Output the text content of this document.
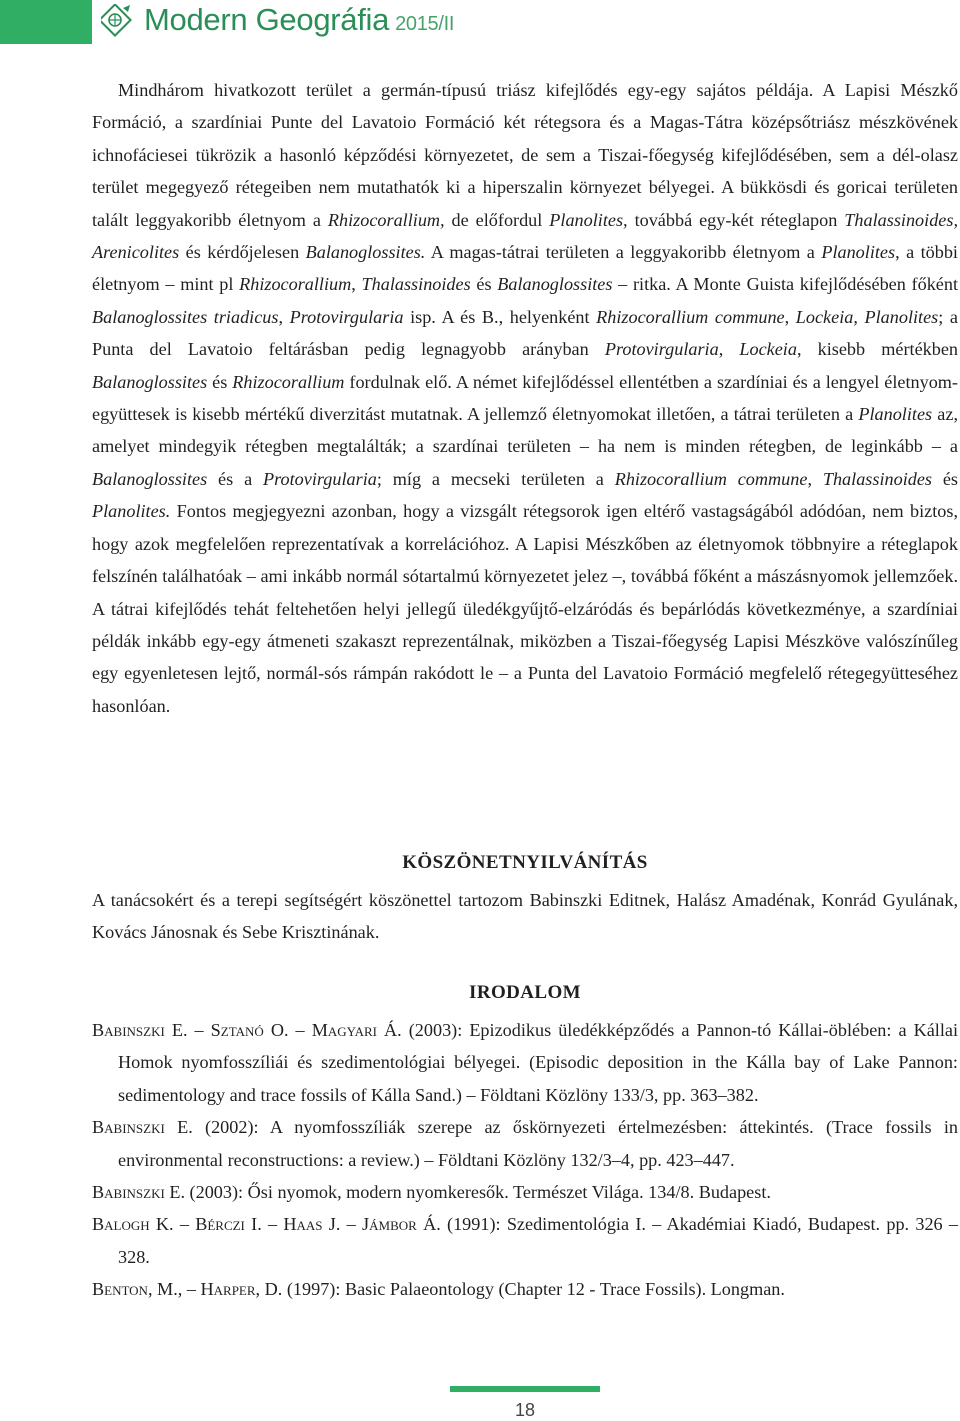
Modern Geográfia 2015/II
Mindhárom hivatkozott terület a germán-típusú triász kifejlődés egy-egy sajátos példája. A Lapisi Mészkő Formáció, a szardíniai Punte del Lavatoio Formáció két rétegsora és a Magas-Tátra középsőtriász mészkövének ichnofáciesei tükrözik a hasonló képződési környezetet, de sem a Tiszai-főegység kifejlődésében, sem a dél-olasz terület megegyező rétegeiben nem mutathatók ki a hiperszalin környezet bélyegei. A bükkösdi és goricai területen talált leggyakoribb életnyom a Rhizocorallium, de előfordul Planolites, továbbá egy-két réteglapon Thalassinoides, Arenicolites és kérdőjelesen Balanoglossites. A magas-tátrai területen a leggyakoribb életnyom a Planolites, a többi életnyom – mint pl Rhizocorallium, Thalassinoides és Balanoglossites – ritka. A Monte Guista kifejlődésében főként Balanoglossites triadicus, Protovirgularia isp. A és B., helyenként Rhizocorallium commune, Lockeia, Planolites; a Punta del Lavatoio feltárásban pedig legnagyobb arányban Protovirgularia, Lockeia, kisebb mértékben Balanoglossites és Rhizocorallium fordulnak elő. A német kifejlődéssel ellentétben a szardíniai és a lengyel életnyom-együttesek is kisebb mértékű diverzitást mutatnak. A jellemző életnyomokat illetően, a tátrai területen a Planolites az, amelyet mindegyik rétegben megtalálták; a szardínai területen – ha nem is minden rétegben, de leginkább – a Balanoglossites és a Protovirgularia; míg a mecseki területen a Rhizocorallium commune, Thalassinoides és Planolites. Fontos megjegyezni azonban, hogy a vizsgált rétegsorok igen eltérő vastagságából adódóan, nem biztos, hogy azok megfelelően reprezentatívak a korrelációhoz. A Lapisi Mészkőben az életnyomok többnyire a réteglapok felszínén találhatóak – ami inkább normál sótartalmú környezetet jelez –, továbbá főként a mászásnyomok jellemzőek. A tátrai kifejlődés tehát feltehetően helyi jellegű üledékgyűjtő-elzáródás és bepárlódás következménye, a szardíniai példák inkább egy-egy átmeneti szakaszt reprezentálnak, miközben a Tiszai-főegység Lapisi Mészköve valószínűleg egy egyenletesen lejtő, normál-sós rámpán rakódott le – a Punta del Lavatoio Formáció megfelelő rétegegyütteséhez hasonlóan.
KÖSZÖNETNYILVÁNÍTÁS
A tanácsokért és a terepi segítségért köszönettel tartozom Babinszki Editnek, Halász Amadénak, Konrád Gyulának, Kovács Jánosnak és Sebe Krisztinának.
IRODALOM
Babinszki E. – Sztanó O. – Magyari Á. (2003): Epizodikus üledékképződés a Pannon-tó Kállai-öblében: a Kállai Homok nyomfosszíliái és szedimentológiai bélyegei. (Episodic deposition in the Kálla bay of Lake Pannon: sedimentology and trace fossils of Kálla Sand.) – Földtani Közlöny 133/3, pp. 363–382.
Babinszki E. (2002): A nyomfosszíliák szerepe az őskörnyezeti értelmezésben: áttekintés. (Trace fossils in environmental reconstructions: a review.) – Földtani Közlöny 132/3–4, pp. 423–447.
Babinszki E. (2003): Ősi nyomok, modern nyomkeresők. Természet Világa. 134/8. Budapest.
Balogh K. – Bérczi I. – Haas J. – Jámbor Á. (1991): Szedimentológia I. – Akadémiai Kiadó, Budapest. pp. 326 – 328.
Benton, M., – Harper, D. (1997): Basic Palaeontology (Chapter 12 - Trace Fossils). Longman.
18
